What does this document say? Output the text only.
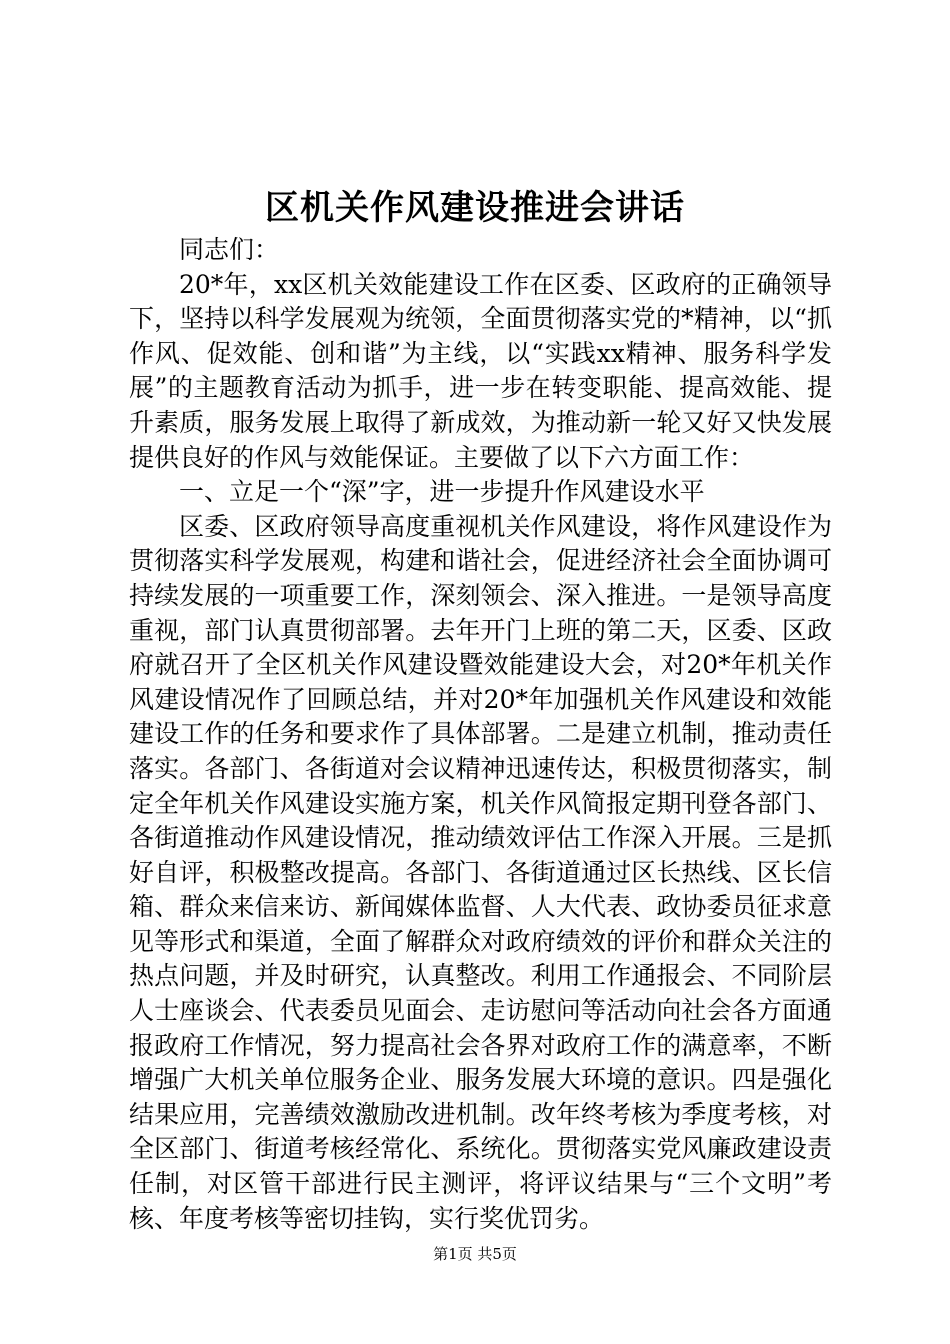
区机关作风建设推进会讲话

同志们：

20*年，xx区机关效能建设工作在区委、区政府的正确领导下，坚持以科学发展观为统领，全面贯彻落实党的*精神，以“抓作风、促效能、创和谐”为主线，以“实践xx精神、服务科学发展”的主题教育活动为抓手，进一步在转变职能、提高效能、提升素质，服务发展上取得了新成效，为推动新一轮又好又快发展提供良好的作风与效能保证。主要做了以下六方面工作：

一、立足一个“深”字，进一步提升作风建设水平

区委、区政府领导高度重视机关作风建设，将作风建设作为贯彻落实科学发展观，构建和谐社会，促进经济社会全面协调可持续发展的一项重要工作，深刻领会、深入推进。一是领导高度重视，部门认真贯彻部署。去年开门上班的第二天，区委、区政府就召开了全区机关作风建设暨效能建设大会，对20*年机关作风建设情况作了回顾总结，并对20*年加强机关作风建设和效能建设工作的任务和要求作了具体部署。二是建立机制，推动责任落实。各部门、各街道对会议精神迅速传达，积极贯彻落实，制定全年机关作风建设实施方案，机关作风简报定期刊登各部门、各街道推动作风建设情况，推动绩效评估工作深入开展。三是抓好自评，积极整改提高。各部门、各街道通过区长热线、区长信箱、群众来信来访、新闻媒体监督、人大代表、政协委员征求意见等形式和渠道，全面了解群众对政府绩效的评价和群众关注的热点问题，并及时研究，认真整改。利用工作通报会、不同阶层人士座谈会、代表委员见面会、走访慰问等活动向社会各方面通报政府工作情况，努力提高社会各界对政府工作的满意率，不断增强广大机关单位服务企业、服务发展大环境的意识。四是强化结果应用，完善绩效激励改进机制。改年终考核为季度考核，对全区部门、街道考核经常化、系统化。贯彻落实党风廉政建设责任制，对区管干部进行民主测评，将评议结果与“三个文明”考核、年度考核等密切挂钩，实行奖优罚劣。

第1页 共5页
